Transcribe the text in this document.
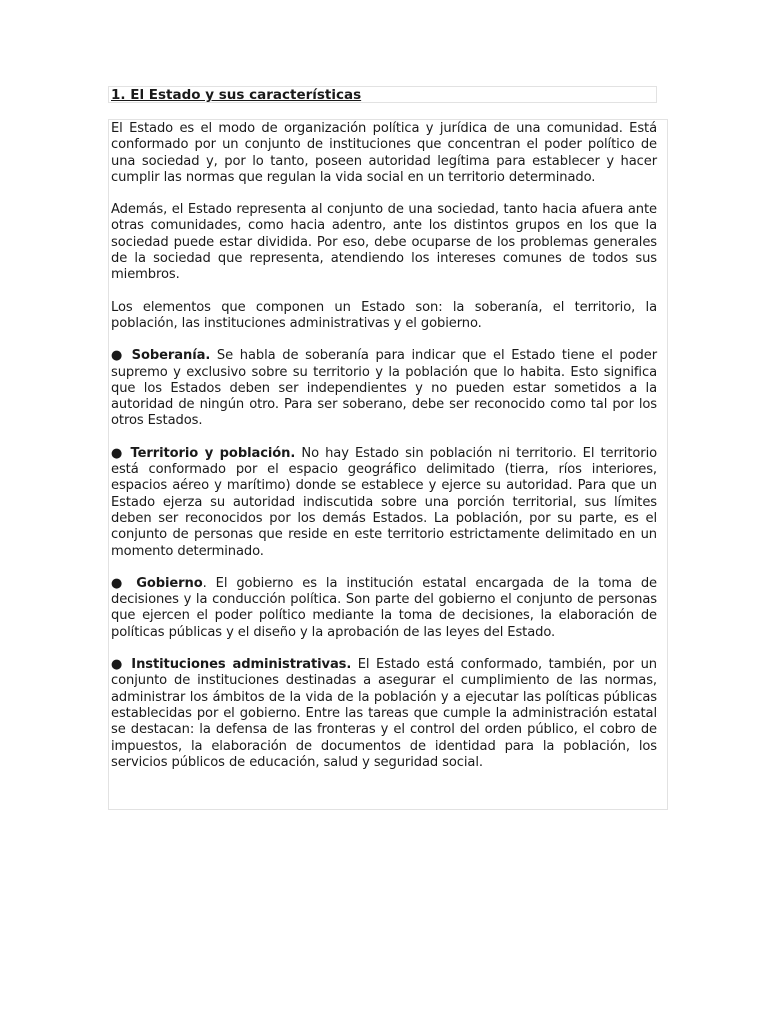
1. El Estado y sus características

El Estado es el modo de organización política y jurídica de una comunidad. Está conformado por un conjunto de instituciones que concentran el poder político de una sociedad y, por lo tanto, poseen autoridad legítima para establecer y hacer cumplir las normas que regulan la vida social en un territorio determinado.

Además, el Estado representa al conjunto de una sociedad, tanto hacia afuera ante otras comunidades, como hacia adentro, ante los distintos grupos en los que la sociedad puede estar dividida. Por eso, debe ocuparse de los problemas generales de la sociedad que representa, atendiendo los intereses comunes de todos sus miembros.

Los elementos que componen un Estado son: la soberanía, el territorio, la población, las instituciones administrativas y el gobierno.

● Soberanía. Se habla de soberanía para indicar que el Estado tiene el poder supremo y exclusivo sobre su territorio y la población que lo habita. Esto significa que los Estados deben ser independientes y no pueden estar sometidos a la autoridad de ningún otro. Para ser soberano, debe ser reconocido como tal por los otros Estados.

● Territorio y población. No hay Estado sin población ni territorio. El territorio está conformado por el espacio geográfico delimitado (tierra, ríos interiores, espacios aéreo y marítimo) donde se establece y ejerce su autoridad. Para que un Estado ejerza su autoridad indiscutida sobre una porción territorial, sus límites deben ser reconocidos por los demás Estados. La población, por su parte, es el conjunto de personas que reside en este territorio estrictamente delimitado en un momento determinado.

● Gobierno. El gobierno es la institución estatal encargada de la toma de decisiones y la conducción política. Son parte del gobierno el conjunto de personas que ejercen el poder político mediante la toma de decisiones, la elaboración de políticas públicas y el diseño y la aprobación de las leyes del Estado.

● Instituciones administrativas. El Estado está conformado, también, por un conjunto de instituciones destinadas a asegurar el cumplimiento de las normas, administrar los ámbitos de la vida de la población y a ejecutar las políticas públicas establecidas por el gobierno. Entre las tareas que cumple la administración estatal se destacan: la defensa de las fronteras y el control del orden público, el cobro de impuestos, la elaboración de documentos de identidad para la población, los servicios públicos de educación, salud y seguridad social.
